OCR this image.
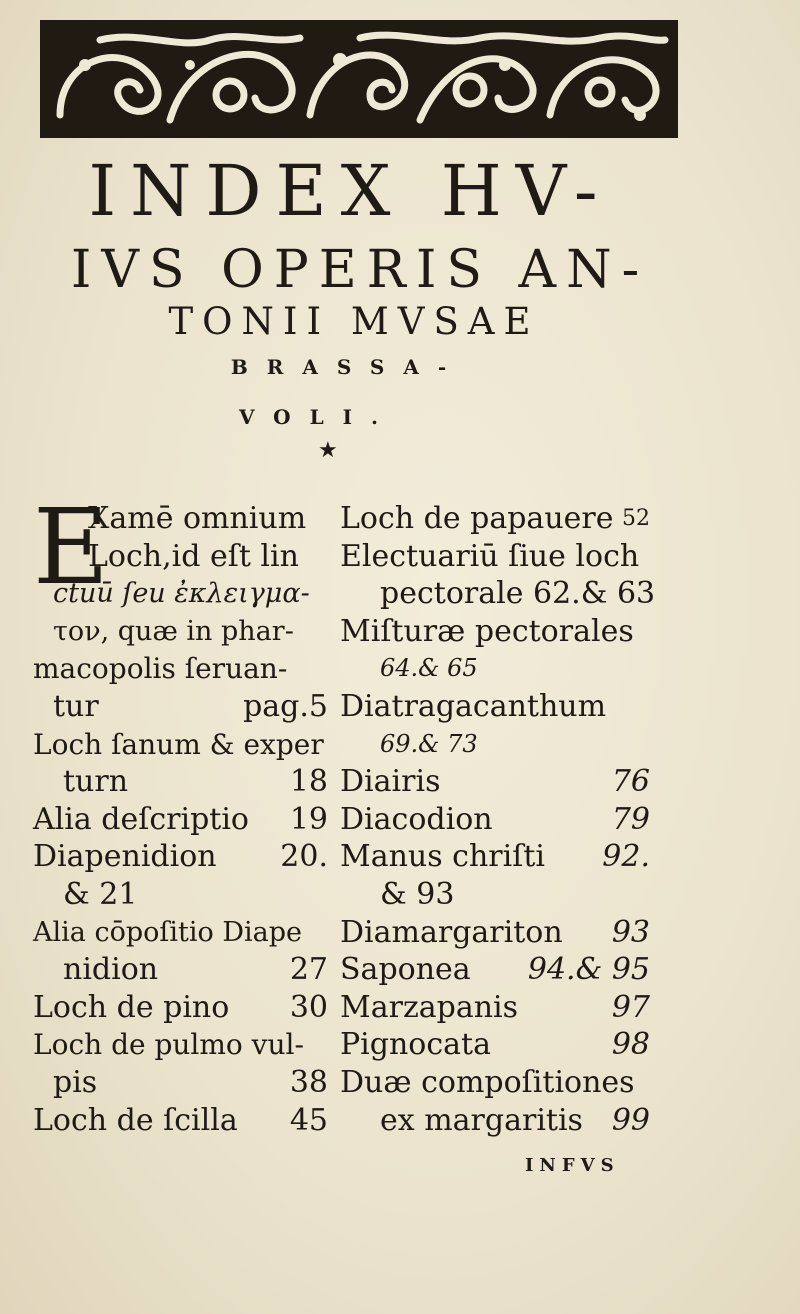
INDEX HV-
IVS OPERIS AN-
TONII MVSAE
BRASSA-
VOLI.
★
E
Xamē omnium
Loch,id eſt lin
ctuū ſeu ἐκλειγμα-
τον, quæ in phar-
macopolis ſeruan-
tur	pag.5
Loch ſanum & exper
turn	18
Alia deſcriptio 19
Diapenidion 20.
& 21
Alia cōpoſitio Diape
nidion	27
Loch de pino 30
Loch de pulmo vul-
pis	38
Loch de ſcilla 45
Loch de papauere 52
Electuariū ſiue loch
pectorale 62.& 63
Miſturæ pectorales
64.& 65
Diatragacanthum
69.& 73
Diairis	76
Diacodion	79
Manus chriſti 92.
& 93
Diamargariton 93
Saponea 94.& 95
Marzapanis	97
Pignocata	98
Duæ compoſitiones
ex margaritis 99
INFVS
